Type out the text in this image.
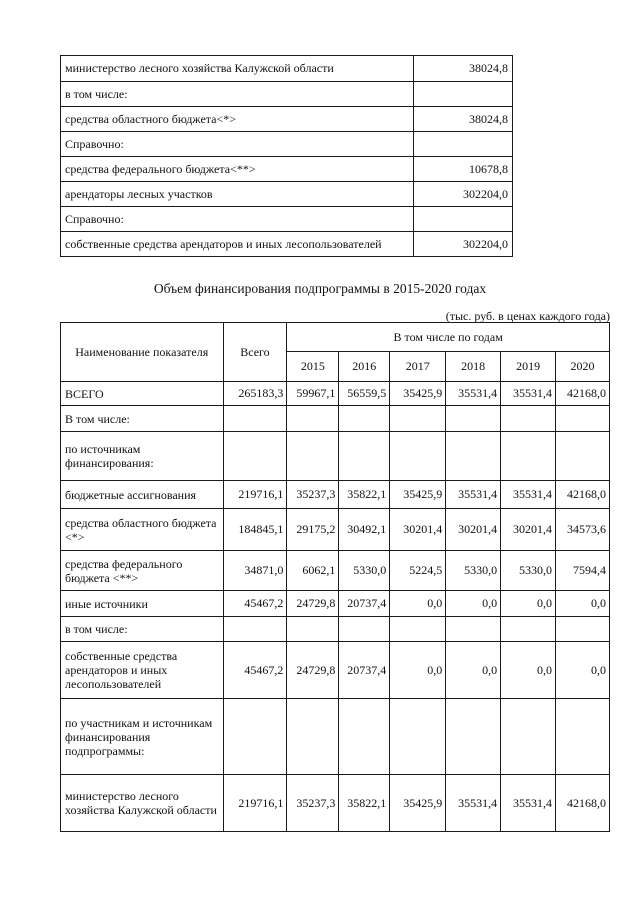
министерство лесного хозяйства Калужской области	38024,8
в том числе:	
средства областного бюджета<*>	38024,8
Справочно:	
средства федерального бюджета<**>	10678,8
арендаторы лесных участков	302204,0
Справочно:	
собственные средства арендаторов и иных лесопользователей	302204,0
Объем финансирования подпрограммы в 2015-2020 годах
(тыс. руб. в ценах каждого года)
Наименование показателя	Всего	В том числе по годам					
		2015	2016	2017	2018	2019	2020
ВСЕГО	265183,3	59967,1	56559,5	35425,9	35531,4	35531,4	42168,0
В том числе:							
по источникам финансирования:							
бюджетные ассигнования	219716,1	35237,3	35822,1	35425,9	35531,4	35531,4	42168,0
средства областного бюджета <*>	184845,1	29175,2	30492,1	30201,4	30201,4	30201,4	34573,6
средства федерального бюджета <**>	34871,0	6062,1	5330,0	5224,5	5330,0	5330,0	7594,4
иные источники	45467,2	24729,8	20737,4	0,0	0,0	0,0	0,0
в том числе:							
собственные средства арендаторов и иных лесопользователей	45467,2	24729,8	20737,4	0,0	0,0	0,0	0,0
по участникам и источникам финансирования подпрограммы:							
министерство лесного хозяйства Калужской области	219716,1	35237,3	35822,1	35425,9	35531,4	35531,4	42168,0
